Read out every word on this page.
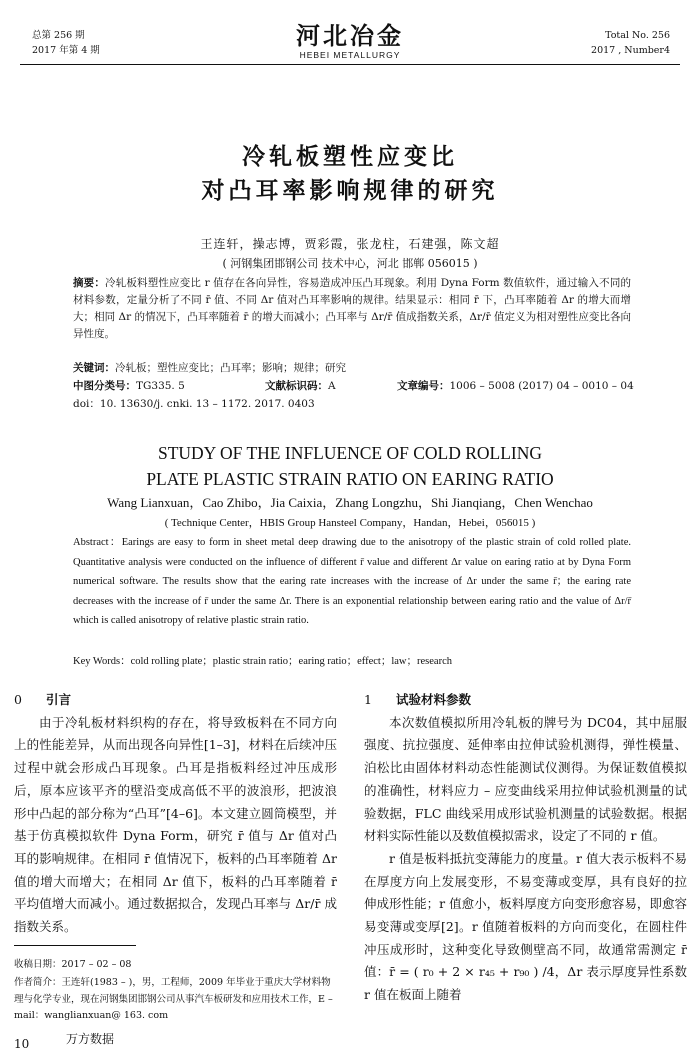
总第 256 期
2017 年第 4 期
河北冶金
HEBEI METALLURGY
Total No. 256
2017 , Number4
冷轧板塑性应变比
对凸耳率影响规律的研究
王连轩，操志博，贾彩霞，张龙柱，石建强，陈文超
( 河钢集团邯钢公司 技术中心，河北 邯郸 056015 )
摘要：冷轧板料塑性应变比 r 值存在各向异性，容易造成冲压凸耳现象。利用 Dyna Form 数值软件，通过输入不同的材料参数，定量分析了不同 r̄ 值、不同 Δr 值对凸耳率影响的规律。结果显示：相同 r̄ 下，凸耳率随着 Δr 的增大而增大；相同 Δr 的情况下，凸耳率随着 r̄ 的增大而减小；凸耳率与 Δr/r̄ 值成指数关系，Δr/r̄ 值定义为相对塑性应变比各向异性度。
关键词：冷轧板；塑性应变比；凸耳率；影响；规律；研究
中图分类号：TG335. 5	文献标识码：A	文章编号：1006 – 5008 (2017) 04 – 0010 – 04
doi：10. 13630/j. cnki. 13 – 1172. 2017. 0403
STUDY OF THE INFLUENCE OF COLD ROLLING
PLATE PLASTIC STRAIN RATIO ON EARING RATIO
Wang Lianxuan，Cao Zhibo，Jia Caixia，Zhang Longzhu，Shi Jianqiang，Chen Wenchao
( Technique Center，HBIS Group Hansteel Company，Handan，Hebei，056015 )
Abstract：Earings are easy to form in sheet metal deep drawing due to the anisotropy of the plastic strain of cold rolled plate. Quantitative analysis were conducted on the influence of different r̄ value and different Δr value on earing ratio at by Dyna Form numerical software. The results show that the earing rate increases with the increase of Δr under the same r̄；the earing rate decreases with the increase of r̄ under the same Δr. There is an exponential relationship between earing ratio and the value of Δr/r̄ which is called anisotropy of relative plastic strain ratio.
Key Words：cold rolling plate；plastic strain ratio；earing ratio；effect；law；research
0 引言

由于冷轧板材料织构的存在，将导致板料在不同方向上的性能差异，从而出现各向异性[1–3]，材料在后续冲压过程中就会形成凸耳现象。凸耳是指板料经过冲压成形后，原本应该平齐的壁沿变成高低不平的波浪形，把波浪形中凸起的部分称为“凸耳”[4–6]。本文建立圆筒模型，并基于仿真模拟软件 Dyna Form，研究 r̄ 值与 Δr 值对凸耳的影响规律。在相同 r̄ 值情况下，板料的凸耳率随着 Δr 值的增大而增大；在相同 Δr 值下，板料的凸耳率随着 r̄ 平均值增大而减小。通过数据拟合，发现凸耳率与 Δr/r̄ 成指数关系。

收稿日期：2017 – 02 – 08
作者简介：王连轩(1983 – )，男，工程师，2009 年毕业于重庆大学材料物理与化学专业，现在河钢集团邯钢公司从事汽车板研发和应用技术工作，E – mail：wanglianxuan@ 163. com
10	万方数据
1 试验材料参数

本次数值模拟所用冷轧板的牌号为 DC04，其中屈服强度、抗拉强度、延伸率由拉伸试验机测得，弹性模量、泊松比由固体材料动态性能测试仪测得。为保证数值模拟的准确性，材料应力 – 应变曲线采用拉伸试验机测量的试验数据，FLC 曲线采用成形试验机测量的试验数据。根据材料实际性能以及数值模拟需求，设定了不同的 r 值。

r 值是板料抵抗变薄能力的度量。r 值大表示板料不易在厚度方向上发展变形，不易变薄或变厚，具有良好的拉伸成形性能；r 值愈小，板料厚度方向变形愈容易，即愈容易变薄或变厚[2]。r 值随着板料的方向而变化，在圆柱件冲压成形时，这种变化导致侧壁高不同，故通常需测定 r̄ 值：r̄ = ( r₀ + 2 × r₄₅ + r₉₀ ) /4，Δr 表示厚度异性系数 r 值在板面上随着
